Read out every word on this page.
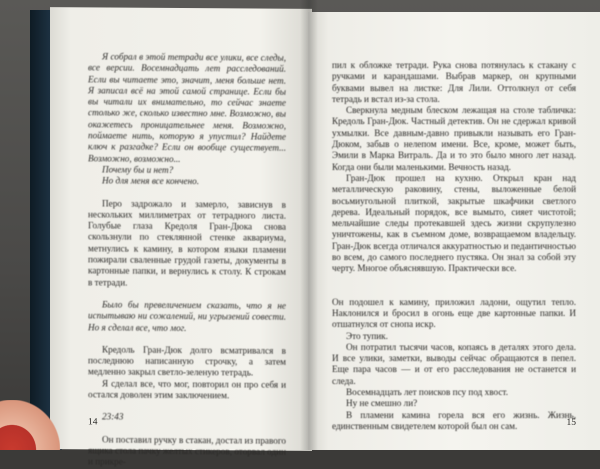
Я собрал в этой тетради все улики, все следы, все версии. Восемнадцать лет расследований. Если вы читаете это, значит, меня больше нет. Я записал всё на этой самой странице. Если бы вы читали их внимательно, то сейчас знаете столько же, сколько известно мне. Возможно, вы окажетесь проницательнее меня. Возможно, поймаете нить, которую я упустил? Найдете ключ к разгадке? Если он вообще существует... Возможно, возможно...

Почему бы и нет?

Но для меня все кончено.

Перо задрожало и замерло, зависнув в нескольких миллиметрах от тетрадного листа. Голубые глаза Кредоля Гран-Дюка снова скользнули по стеклянной стенке аквариума, метнулись к камину, в котором языки пламени пожирали сваленные грудой газеты, документы в картонные папки, и вернулись к столу. К строкам в тетради.

Было бы превеличением сказать, что я не испытываю ни сожалений, ни угрызений совести. Но я сделал все, что мог.

Кредоль Гран-Дюк долго всматривался в последнюю написанную строчку, а затем медленно закрыл светло-зеленую тетрадь.

Я сделал все, что мог, повторил он про себя и остался доволен этим заключением.

23:43

Он поставил ручку в стакан, достал из правого ящика стола пачку желтых стикеров, оторвал один и прикре-

14

пил к обложке тетради. Рука снова потянулась к стакану с ручками и карандашами. Выбрав маркер, он крупными буквами вывел на листке: Для Лили. Оттолкнул от себя тетрадь и встал из-за стола.

Сверкнула медным блеском лежащая на столе табличка: Кредоль Гран-Дюк. Частный детектив. Он не сдержал кривой ухмылки. Все давным-давно привыкли называть его Гран-Дюком, забыв о нелепом имени. Все, кроме, может быть, Эмили в Марка Витраль. Да и то это было много лет назад. Когда они были маленькими. Вечность назад.

Гран-Дюк прошел на кухню. Открыл кран над металлическую раковину, стены, выложенные белой восьмиугольной плиткой, закрытые шкафчики светлого дерева. Идеальный порядок, все вымыто, сияет чистотой; мельчайшие следы протекавшей здесь жизни скрупулезно уничтожены, как в съемном доме, возвращаемом владельцу. Гран-Дюк всегда отличался аккуратностью и педантичностью во всем, до самого последнего пустяка. Он знал за собой эту черту. Многое объяснявшую. Практически все.

Он подошел к камину, приложил ладони, ощутил тепло. Наклонился и бросил в огонь еще две картонные папки. И отшатнулся от снопа искр.

Это тупик.

Он потратил тысячи часов, копаясь в деталях этого дела. И все улики, заметки, выводы сейчас обращаются в пепел. Еще пара часов — и от его расследования не останется и следа.

Восемнадцать лет поисков псу под хвост.

Ну не смешно ли?

В пламени камина горела вся его жизнь. Жизнь, единственным свидетелем которой был он сам.	15
